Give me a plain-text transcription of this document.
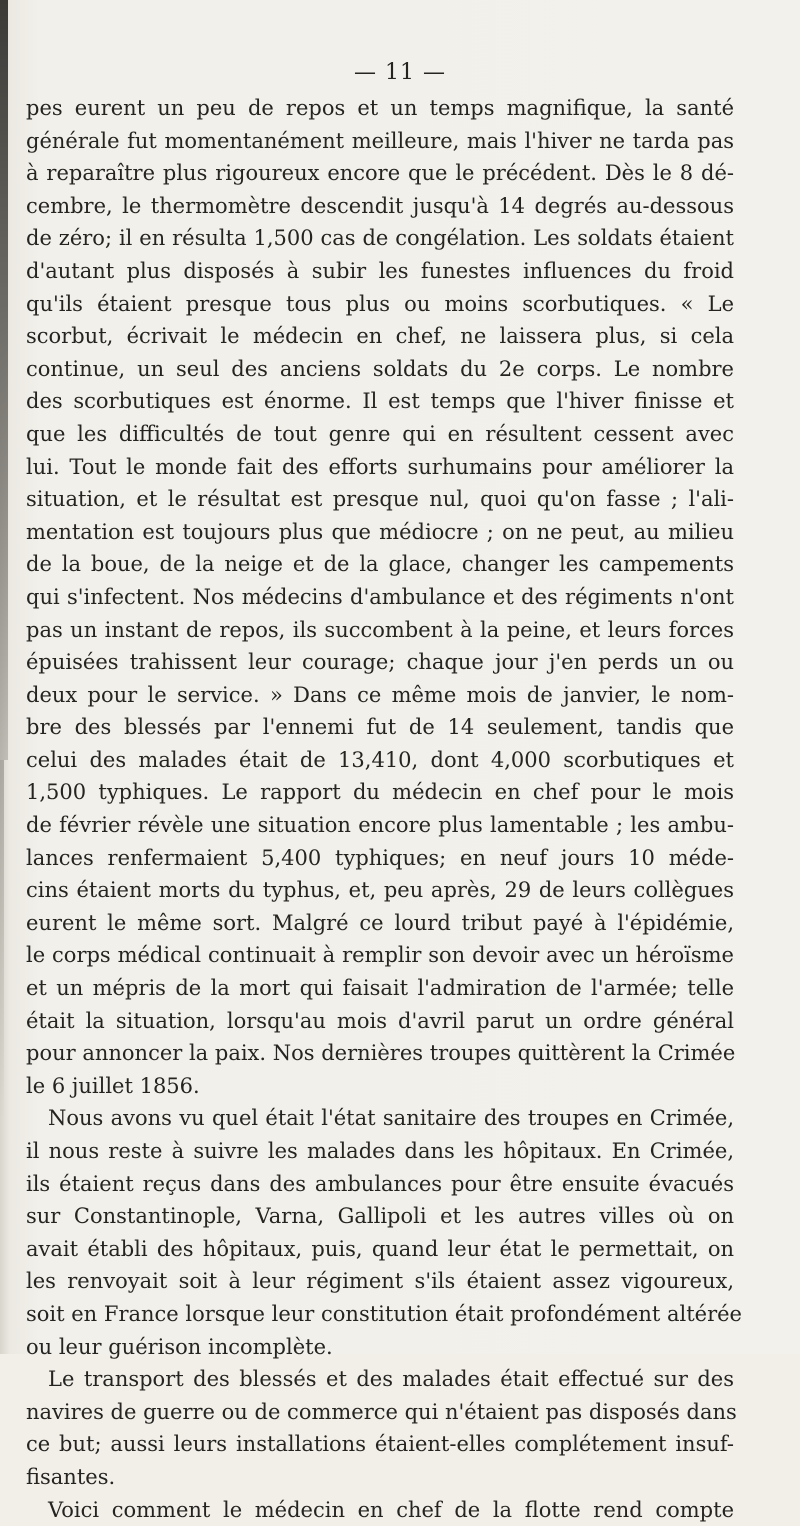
— 11 —
pes eurent un peu de repos et un temps magnifique, la santé
générale fut momentanément meilleure, mais l'hiver ne tarda pas
à reparaître plus rigoureux encore que le précédent. Dès le 8 dé-
cembre, le thermomètre descendit jusqu'à 14 degrés au-dessous
de zéro; il en résulta 1,500 cas de congélation. Les soldats étaient
d'autant plus disposés à subir les funestes influences du froid
qu'ils étaient presque tous plus ou moins scorbutiques. « Le
scorbut, écrivait le médecin en chef, ne laissera plus, si cela
continue, un seul des anciens soldats du 2e corps. Le nombre
des scorbutiques est énorme. Il est temps que l'hiver finisse et
que les difficultés de tout genre qui en résultent cessent avec
lui. Tout le monde fait des efforts surhumains pour améliorer la
situation, et le résultat est presque nul, quoi qu'on fasse ; l'ali-
mentation est toujours plus que médiocre ; on ne peut, au milieu
de la boue, de la neige et de la glace, changer les campements
qui s'infectent. Nos médecins d'ambulance et des régiments n'ont
pas un instant de repos, ils succombent à la peine, et leurs forces
épuisées trahissent leur courage; chaque jour j'en perds un ou
deux pour le service. » Dans ce même mois de janvier, le nom-
bre des blessés par l'ennemi fut de 14 seulement, tandis que
celui des malades était de 13,410, dont 4,000 scorbutiques et
1,500 typhiques. Le rapport du médecin en chef pour le mois
de février révèle une situation encore plus lamentable ; les ambu-
lances renfermaient 5,400 typhiques; en neuf jours 10 méde-
cins étaient morts du typhus, et, peu après, 29 de leurs collègues
eurent le même sort. Malgré ce lourd tribut payé à l'épidémie,
le corps médical continuait à remplir son devoir avec un héroïsme
et un mépris de la mort qui faisait l'admiration de l'armée; telle
était la situation, lorsqu'au mois d'avril parut un ordre général
pour annoncer la paix. Nos dernières troupes quittèrent la Crimée
le 6 juillet 1856.
Nous avons vu quel était l'état sanitaire des troupes en Crimée,
il nous reste à suivre les malades dans les hôpitaux. En Crimée,
ils étaient reçus dans des ambulances pour être ensuite évacués
sur Constantinople, Varna, Gallipoli et les autres villes où on
avait établi des hôpitaux, puis, quand leur état le permettait, on
les renvoyait soit à leur régiment s'ils étaient assez vigoureux,
soit en France lorsque leur constitution était profondément altérée
ou leur guérison incomplète.
Le transport des blessés et des malades était effectué sur des
navires de guerre ou de commerce qui n'étaient pas disposés dans
ce but; aussi leurs installations étaient-elles complétement insuf-
fisantes.
Voici comment le médecin en chef de la flotte rend compte
